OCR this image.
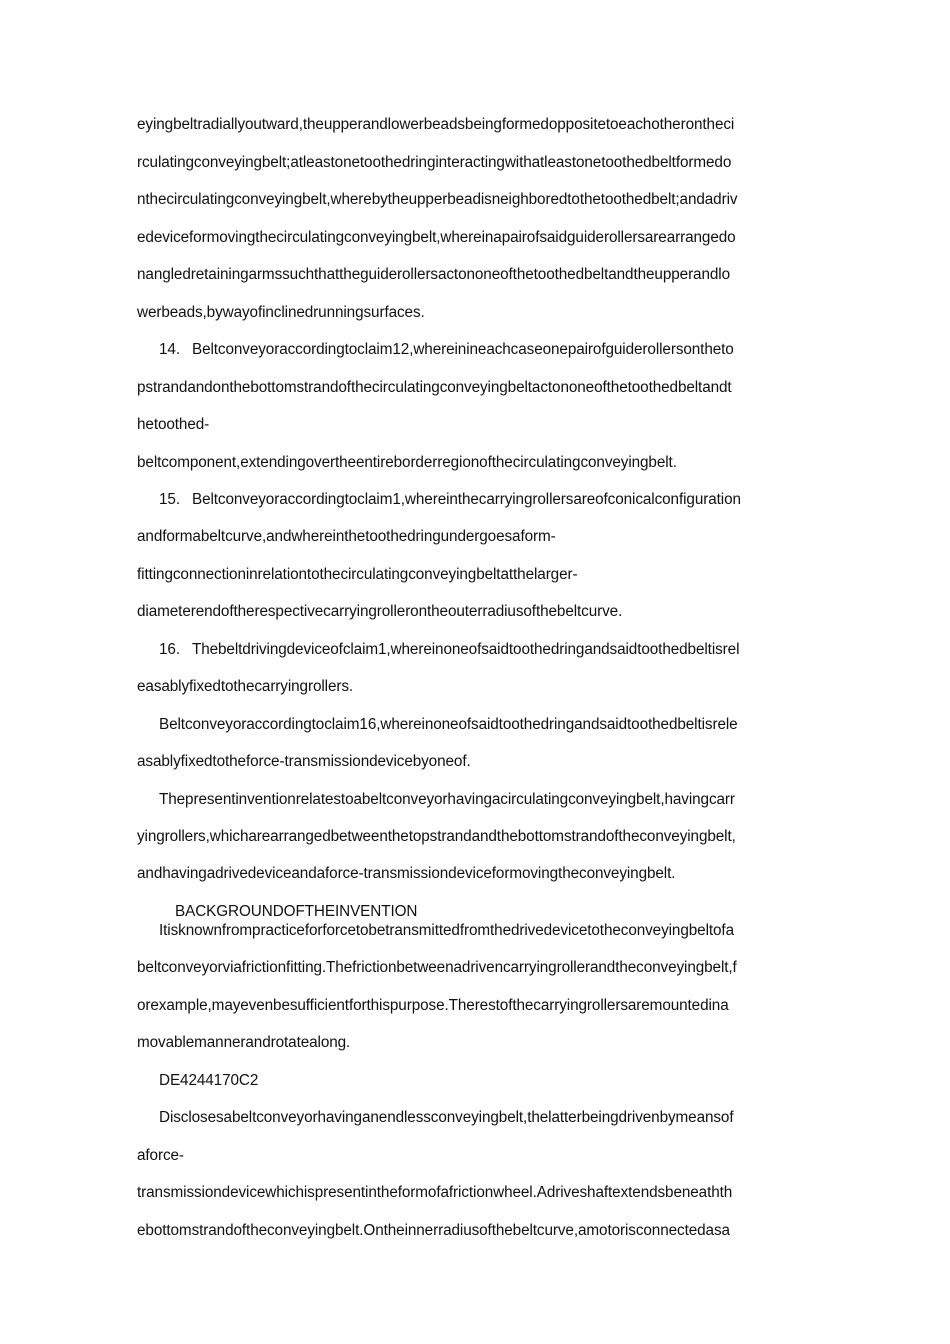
eyingbeltradiallyoutward,theupperandlowerbeadsbeingformedoppositetoeachotherontheci
rculatingconveyingbelt;atleastonetoothedringinteractingwithatleastonetoothedbeltformedo
nthecirculatingconveyingbelt,wherebytheupperbeadisneighboredtothetoothedbelt;andadriv
edeviceformovingthecirculatingconveyingbelt,whereinapairofsaidguiderollersarearrangedo
nangledretainingarmssuchthattheguiderollersactononeofthetoothedbeltandtheupperandlo
werbeads,bywayofinclinedrunningsurfaces.
14. Beltconveyoraccordingtoclaim12,whereinineachcaseonepairofguiderollersontheto
pstrandandonthebottomstrandofthecirculatingconveyingbeltactononeofthetoothedbeltandt
hetoothed-
beltcomponent,extendingovertheentireborderregionofthecirculatingconveyingbelt.
15. Beltconveyoraccordingtoclaim1,whereinthecarryingrollersareofconicalconfiguration
andformabeltcurve,andwhereinthetoothedringundergoesaform-
fittingconnectioninrelationtothecirculatingconveyingbeltatthelarger-
diameterendoftherespectivecarryingrollerontheouterradiusofthebeltcurve.
16. Thebeltdrivingdeviceofclaim1,whereinoneofsaidtoothedringandsaidtoothedbeltisrel
easablyfixedtothecarryingrollers.
Beltconveyoraccordingtoclaim16,whereinoneofsaidtoothedringandsaidtoothedbeltisrele
asablyfixedtotheforce-transmissiondevicebyoneof.
Thepresentinventionrelatestoabeltconveyorhavingacirculatingconveyingbelt,havingcarr
yingrollers,whicharearrangedbetweenthetopstrandandthebottomstrandoftheconveyingbelt,
andhavingadrivedeviceandaforce-transmissiondeviceformovingtheconveyingbelt.
BACKGROUNDOFTHEINVENTION
Itisknownfrompracticeforforcetobetransmittedfromthedrivedevicetotheconveyingbeltofa
beltconveyorviafrictionfitting.Thefrictionbetweenadrivencarryingrollerandtheconveyingbelt,f
orexample,mayevenbesufficientforthispurpose.Therestofthecarryingrollersaremountedina
movablemannerandrotatealong.
DE4244170C2
Disclosesabeltconveyorhavinganendlessconveyingbelt,thelatterbeingdrivenbymeansof
aforce-
transmissiondevicewhichispresentintheformofafrictionwheel.Adriveshaftextendsbeneathth
ebottomstrandoftheconveyingbelt.Ontheinnerradiusofthebeltcurve,amotorisconnectedasa
